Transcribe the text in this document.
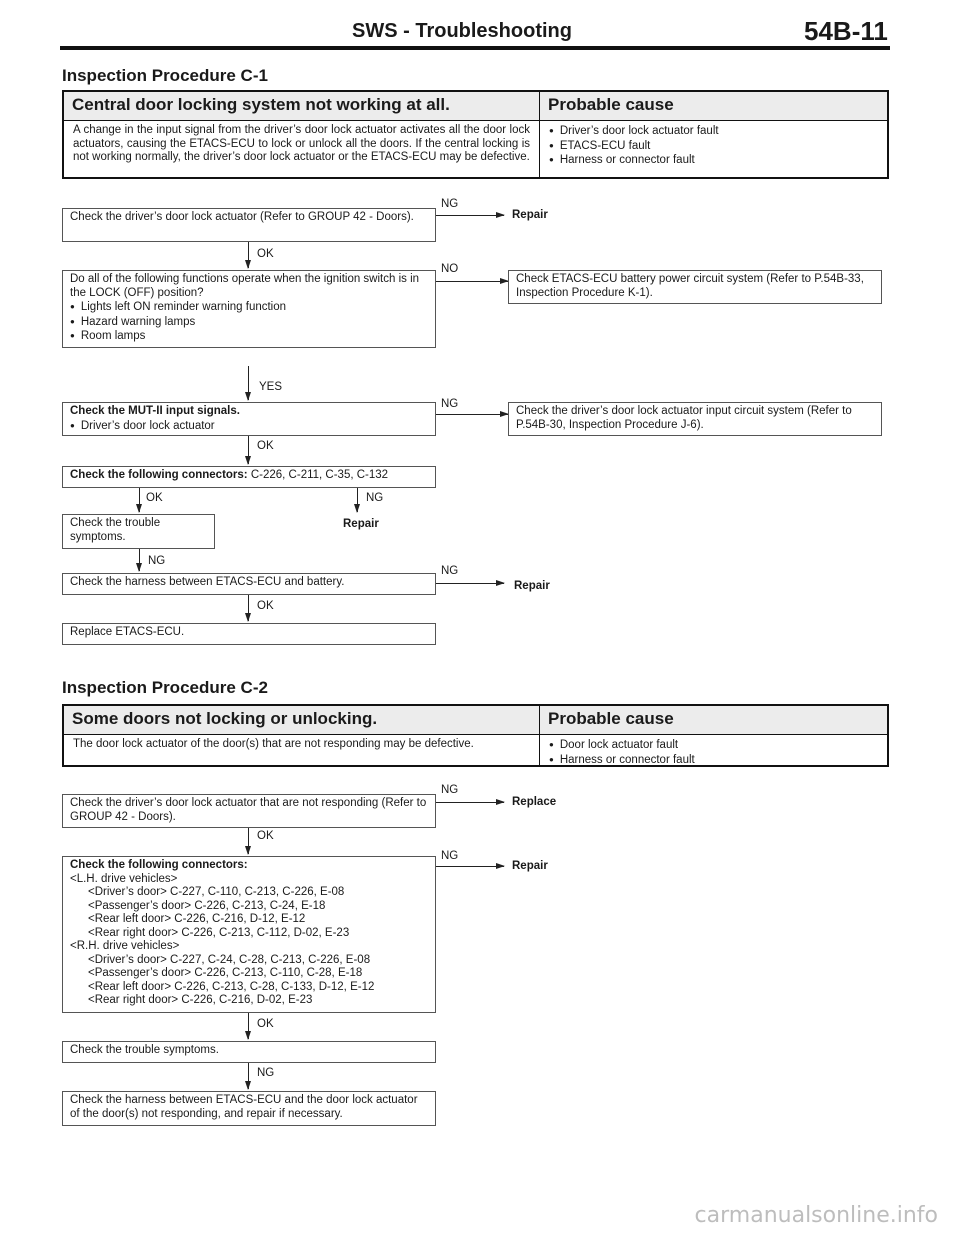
SWS - Troubleshooting	54B-11
Inspection Procedure C-1
Central door locking system not working at all.	Probable cause
A change in the input signal from the driver’s door lock actuator activates all the door lock actuators, causing the ETACS-ECU to lock or unlock all the doors. If the central locking is not working normally, the driver’s door lock actuator or the ETACS-ECU may be defective.
● Driver’s door lock actuator fault
● ETACS-ECU fault
● Harness or connector fault
Check the driver’s door lock actuator (Refer to GROUP 42 - Doors).
NG
Repair
OK
Do all of the following functions operate when the ignition switch is in the LOCK (OFF) position?
● Lights left ON reminder warning function
● Hazard warning lamps
● Room lamps
NO
Check ETACS-ECU battery power circuit system (Refer to P.54B-33, Inspection Procedure K-1).
YES
Check the MUT-II input signals.
● Driver’s door lock actuator
NG
Check the driver’s door lock actuator input circuit system (Refer to P.54B-30, Inspection Procedure J-6).
OK
Check the following connectors: C-226, C-211, C-35, C-132
OK	NG
Repair
Check the trouble symptoms.
NG
Check the harness between ETACS-ECU and battery.
NG
Repair
OK
Replace ETACS-ECU.
Inspection Procedure C-2
Some doors not locking or unlocking.	Probable cause
The door lock actuator of the door(s) that are not responding may be defective.	● Door lock actuator fault
● Harness or connector fault
Check the driver’s door lock actuator that are not responding (Refer to GROUP 42 - Doors).
NG
Replace
OK
Check the following connectors:
<L.H. drive vehicles>
<Driver’s door> C-227, C-110, C-213, C-226, E-08
<Passenger’s door> C-226, C-213, C-24, E-18
<Rear left door> C-226, C-216, D-12, E-12
<Rear right door> C-226, C-213, C-112, D-02, E-23
<R.H. drive vehicles>
<Driver’s door> C-227, C-24, C-28, C-213, C-226, E-08
<Passenger’s door> C-226, C-213, C-110, C-28, E-18
<Rear left door> C-226, C-213, C-28, C-133, D-12, E-12
<Rear right door> C-226, C-216, D-02, E-23
NG
Repair
OK
Check the trouble symptoms.
NG
Check the harness between ETACS-ECU and the door lock actuator of the door(s) not responding, and repair if necessary.
carmanualsonline.info
